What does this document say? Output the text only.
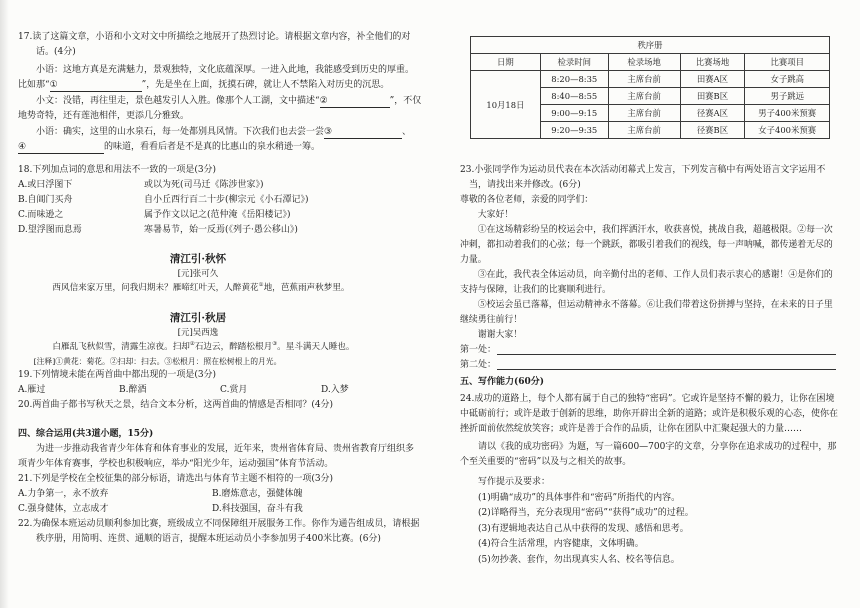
17.读了这篇文章，小语和小文对文中所描绘之地展开了热烈讨论。请根据文章内容，补全他们的对话。(4分)

小语：这地方真是充满魅力，景观独特，文化底蕴深厚。一进入此地，我能感受到历史的厚重。比如那“①	”，先是坐在上面，抚摸石碑，就让人不禁陷入对历史的沉思。

小文：没错，再往里走，景色越发引人入胜。像那个人工湖，文中描述“②	”，不仅地势奇特，还有莲池相伴，更添几分雅致。

小语：确实，这里的山水泉石，每一处都别具风情。下次我们也去尝一尝③	、④	的味道，看看后者是不是真的比惠山的泉水稍逊一筹。

18.下列加点词的意思和用法不一致的一项是(3分)

A.或曰浮图下	或以为死(司马迁《陈涉世家》)
B.自阊门买舟	自小丘西行百二十步(柳宗元《小石潭记》)
C.而味逊之	属予作文以记之(范仲淹《岳阳楼记》)
D.望浮图而息焉	寒暑易节，始一反焉(《列子·愚公移山》)

清江引·秋怀

[元]张可久

西风信来家万里，问我归期未？雁啼红叶天，人醉黄花①地，芭蕉雨声秋梦里。

清江引·秋居

[元]吴西逸

白雁乱飞秋似雪，清露生凉夜。扫却②石边云，醉踏松根月③。星斗满天人睡也。

[注释]①黄花：菊花。②扫却：扫去。③松根月：照在松树根上的月光。

19.下列情境未能在两首曲中都出现的一项是(3分)

A.雁过	B.醉酒	C.赏月	D.入梦

20.两首曲子都书写秋天之景，结合文本分析，这两首曲的情感是否相同？(4分)

四、综合运用(共3道小题，15分)

为进一步推动我省青少年体育和体育事业的发展，近年来，贵州省体育局、贵州省教育厅组织多项青少年体育赛事，学校也积极响应，举办“阳光少年，运动强国”体育节活动。

21.下列是学校在全校征集的部分标语，请选出与体育节主题不相符的一项(3分)

A.力争第一，永不放弃	B.磨炼意志，强健体魄
C.强身健体，立志成才	D.科技强国，奋斗有我

22.为确保本班运动员顺利参加比赛，班级成立不同保障组开展服务工作。你作为通告组成员，请根据秩序册，用简明、连贯、通顺的语言，提醒本班运动员小李参加男子400米比赛。(6分)

秩序册				
日期	检录时间	检录场地	比赛场地	比赛项目
10月18日	8:20—8:35	主席台前	田赛A区	女子跳高
	8:40—8:55	主席台前	田赛B区	男子跳远
	9:00—9:15	主席台前	径赛A区	男子400米预赛
	9:20—9:35	主席台前	径赛B区	女子400米预赛

23.小张同学作为运动员代表在本次活动闭幕式上发言，下列发言稿中有两处语言文字运用不当，请找出来并修改。(6分)

尊敬的各位老师，亲爱的同学们：

大家好！

①在这场精彩纷呈的校运会中，我们挥洒汗水，收获喜悦，挑战自我，超越极限。②每一次冲刺，都扣动着我们的心弦；每一个跳跃，都吸引着我们的视线，每一声呐喊，都传递着无尽的力量。

③在此，我代表全体运动员，向辛勤付出的老师、工作人员们表示衷心的感谢！④是你们的支持与保障，让我们的比赛顺利进行。

⑤校运会虽已落幕，但运动精神永不落幕。⑥让我们带着这份拼搏与坚持，在未来的日子里继续勇往前行！

谢谢大家！

第一处：

第二处：

五、写作能力(60分)

24.成功的道路上，每个人都有属于自己的独特“密码”。它或许是坚持不懈的毅力，让你在困境中砥砺前行；或许是敢于创新的思维，助你开辟出全新的道路；或许是积极乐观的心态，使你在挫折面前依然绽放笑容；或许是善于合作的品质，让你在团队中汇聚起强大的力量……

请以《我的成功密码》为题，写一篇600—700字的文章，分享你在追求成功的过程中，那个至关重要的“密码”以及与之相关的故事。

写作提示及要求：

(1)明确“成功”的具体事件和“密码”所指代的内容。

(2)详略得当，充分表现用“密码”“获得”成功”的过程。

(3)有逻辑地表达自己从中获得的发现、感悟和思考。

(4)符合生活常理，内容健康，文体明确。

(5)勿抄袭、套作，勿出现真实人名、校名等信息。
